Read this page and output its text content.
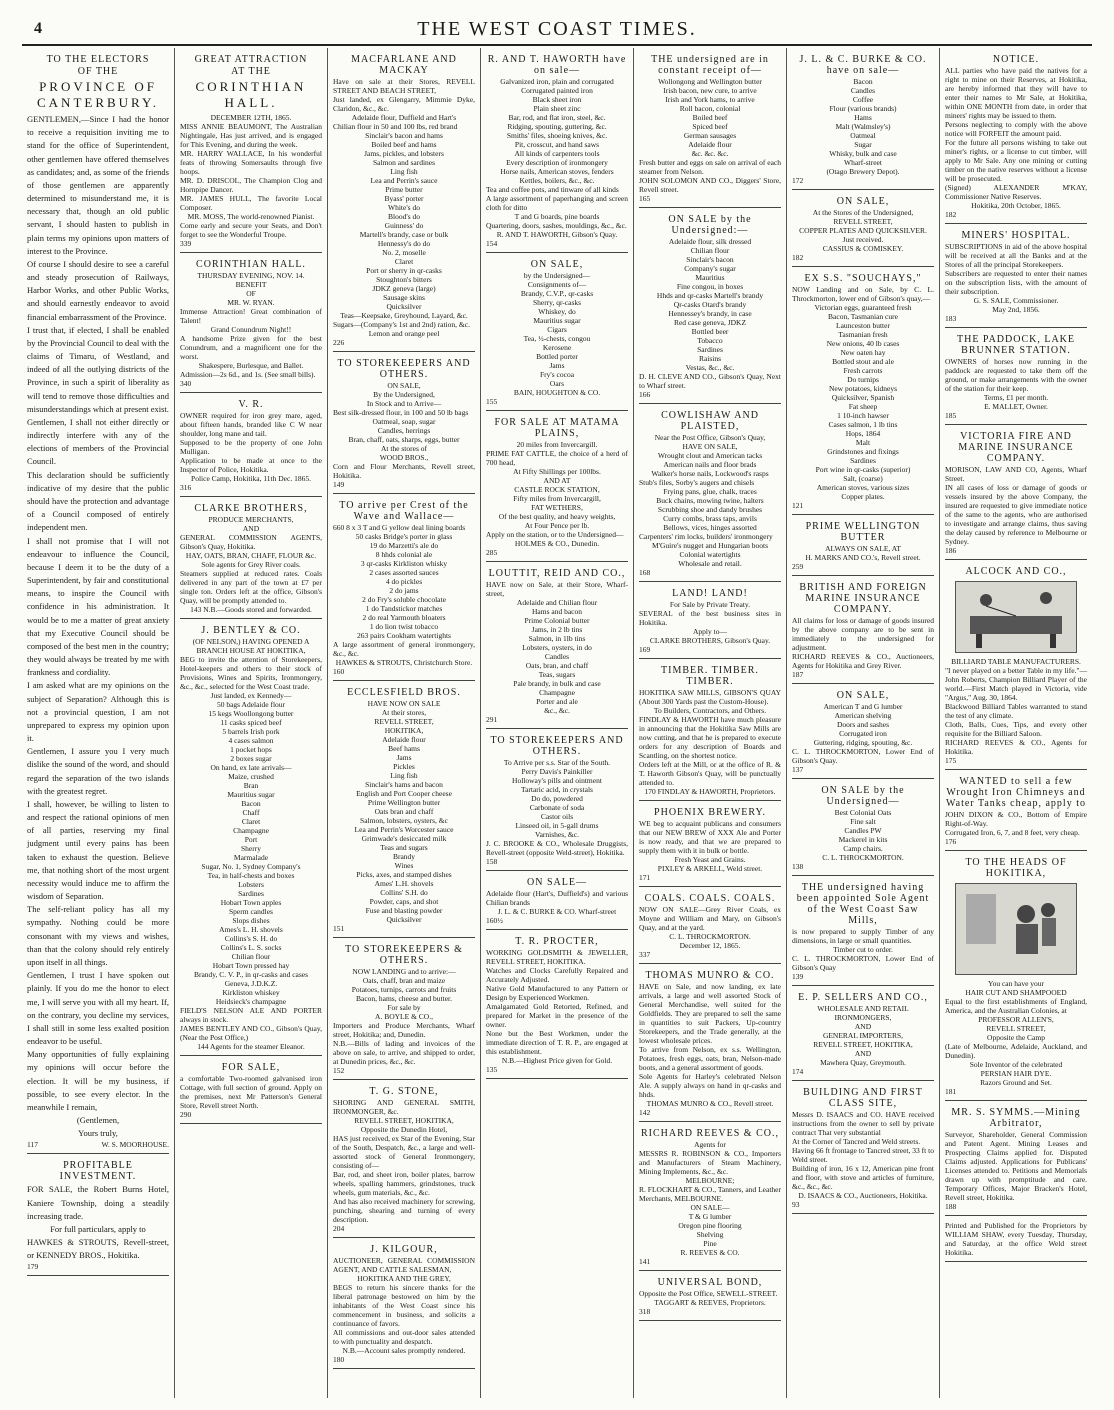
4	THE WEST COAST TIMES.
TO THE ELECTORS
OF THE
PROVINCE OF CANTERBURY.

GENTLEMEN,—Since I had the honor to receive a requisition inviting me to stand for the office of Superintendent, other gentlemen have offered themselves as candidates; and, as some of the friends of those gentlemen are apparently determined to misunderstand me, it is necessary that, though an old public servant, I should hasten to publish in plain terms my opinions upon matters of interest to the Province.

Of course I should desire to see a careful and steady prosecution of Railways, Harbor Works, and other Public Works, and should earnestly endeavor to avoid financial embarrassment of the Province.

I trust that, if elected, I shall be enabled by the Provincial Council to deal with the claims of Timaru, of Westland, and indeed of all the outlying districts of the Province, in such a spirit of liberality as will tend to remove those difficulties and misunderstandings which at present exist.

Gentlemen, I shall not either directly or indirectly interfere with any of the elections of members of the Provincial Council.

This declaration should be sufficiently indicative of my desire that the public should have the protection and advantage of a Council composed of entirely independent men.

I shall not promise that I will not endeavour to influence the Council, because I deem it to be the duty of a Superintendent, by fair and constitutional means, to inspire the Council with confidence in his administration. It would be to me a matter of great anxiety that my Executive Council should be composed of the best men in the country; they would always be treated by me with frankness and cordiality.

I am asked what are my opinions on the subject of Separation? Although this is not a provincial question, I am not unprepared to express my opinion upon it.

Gentlemen, I assure you I very much dislike the sound of the word, and should regard the separation of the two islands with the greatest regret.

I shall, however, be willing to listen to and respect the rational opinions of men of all parties, reserving my final judgment until every pains has been taken to exhaust the question. Believe me, that nothing short of the most urgent necessity would induce me to affirm the wisdom of Separation.

The self-reliant policy has all my sympathy. Nothing could be more consonant with my views and wishes, than that the colony should rely entirely upon itself in all things.

Gentlemen, I trust I have spoken out plainly. If you do me the honor to elect me, I will serve you with all my heart. If, on the contrary, you decline my services, I shall still in some less exalted position endeavor to be useful.

Many opportunities of fully explaining my opinions will occur before the election. It will be my business, if possible, to see every elector. In the meanwhile I remain,

(Gentlemen,

Yours truly,

117	W. S. MOORHOUSE.
PROFITABLE INVESTMENT.

FOR SALE, the Robert Burns Hotel, Kaniere Township, doing a steadily increasing trade.

For full particulars, apply to

HAWKES & STROUTS, Revell-street, or KENNEDY BROS., Hokitika.

179
GREAT ATTRACTION
AT THE
CORINTHIAN HALL.

DECEMBER 12TH, 1865.

MISS ANNIE BEAUMONT, The Australian Nightingale, Has just arrived, and is engaged for This Evening, and during the week.

MR. HARRY WALLACE, In his wonderful feats of throwing Somersaults through five hoops.

MR. D. DRISCOL, The Champion Clog and Hornpipe Dancer.

MR. JAMES HULL, The favorite Local Composer.

MR. MOSS, The world-renowned Pianist.

Come early and secure your Seats, and Don't forget to see the Wonderful Troupe.

339
CORINTHIAN HALL.

THURSDAY EVENING, NOV. 14.

BENEFIT

OF

MR. W. RYAN.

Immense Attraction! Great combination of Talent!

Grand Conundrum Night!!

A handsome Prize given for the best Conundrum, and a magnificent one for the worst.

Shakespere, Burlesque, and Ballet.

Admission—2s 6d., and 1s. (See small bills).

340
V. R.

OWNER required for iron grey mare, aged, about fifteen hands, branded like C W near shoulder, long mane and tail.

Supposed to be the property of one John Mulligan.

Application to be made at once to the Inspector of Police, Hokitika.

Police Camp, Hokitika, 11th Dec. 1865.

316
CLARKE BROTHERS,

PRODUCE MERCHANTS,

AND

GENERAL COMMISSION AGENTS, Gibson's Quay, Hokitika.

HAY, OATS, BRAN, CHAFF, FLOUR &c.

Sole agents for Grey River coals.

Steamers supplied at reduced rates. Coals delivered in any part of the town at £7 per single ton. Orders left at the office, Gibson's Quay, will be promptly attended to.

143 N.B.—Goods stored and forwarded.

J. BENTLEY & CO.

(OF NELSON,) HAVING OPENED A

BRANCH HOUSE AT HOKITIKA,

BEG to invite the attention of Storekeepers, Hotel-keepers and others to their stock of Provisions, Wines and Spirits, Ironmongery, &c., &c., selected for the West Coast trade.

Just landed, ex Kennedy—

50 bags Adelaide flour

15 kegs Woollongong butter

11 casks spiced beef

5 barrels Irish pork

4 cases salmon

1 pocket hops

2 boxes sugar

On hand, ex late arrivals—

Maize, crushed

Bran

Mauritius sugar

Bacon

Chaff

Claret

Champagne

Port

Sherry

Marmalade

Sugar, No. 1, Sydney Company's

Tea, in half-chests and boxes

Lobsters

Sardines

Hobart Town apples

Sperm candles

Slops dishes

Ames's L. H. shovels

Collins's S. H. do

Collins's L. S. socks

Chilian flour

Hobart Town pressed hay

Brandy, C. V. P., in qr-casks and cases

Geneva, J.D.K.Z.

Kirkliston whiskey

Heidsieck's champagne

FIELD'S NELSON ALE AND PORTER always in stock.

JAMES BENTLEY AND CO., Gibson's Quay, (Near the Post Office,)

144 Agents for the steamer Eleanor.

FOR SALE,

a comfortable Two-roomed galvanised iron Cottage, with full section of ground. Apply on the premises, next Mr Patterson's General Store, Revell street North.

290
MACFARLANE AND MACKAY

Have on sale at their Stores, REVELL STREET AND BEACH STREET,

Just landed, ex Glengarry, Mimmie Dyke, Claridon, &c., &c.

Adelaide flour, Duffield and Hart's

Chilian flour in 50 and 100 lbs, red brand

Sinclair's bacon and hams

Boiled beef and hams

Jams, pickles, and lobsters

Salmon and sardines

Ling fish

Lea and Perrin's sauce

Prime butter

Byass' porter

White's do

Blood's do

Guinness' do

Martell's brandy, case or bulk

Hennessy's do do

No. 2, moselle

Claret

Port or sherry in qr-casks

Stoughton's bitters

JDKZ geneva (large)

Sausage skins

Quicksilver

Teas—Keepsake, Greyhound, Layard, &c.

Sugars—(Company's 1st and 2nd) ration, &c.

Lemon and orange peel

226
TO STOREKEEPERS AND OTHERS.

ON SALE,

By the Undersigned,

In Stock and to Arrive—

Best silk-dressed flour, in 100 and 50 lb bags

Oatmeal, soap, sugar

Candles, herrings

Bran, chaff, oats, sharps, eggs, butter

At the stores of

WOOD BROS.,

Corn and Flour Merchants, Revell street, Hokitika.

149
TO arrive per Crest of the Wave and Wallace—

660 8 x 3 T and G yellow deal lining boards

50 casks Bridge's porter in glass

19 do Marzetti's ale do

8 hhds colonial ale

3 qr-casks Kirkliston whisky

2 cases assorted sauces

4 do pickles

2 do jams

2 do Fry's soluble chocolate

1 do Tandstickor matches

2 do real Yarmouth bloaters

1 do lion twist tobacco

263 pairs Cookham watertights

A large assortment of general ironmongery, &c., &c.

HAWKES & STROUTS, Christchurch Store.

160
ECCLESFIELD BROS.

HAVE NOW ON SALE

At their stores,

REVELL STREET,

HOKITIKA,

Adelaide flour

Beef hams

Jams

Pickles

Ling fish

Sinclair's hams and bacon

English and Port Cooper cheese

Prime Wellington butter

Oats bran and chaff

Salmon, lobsters, oysters, &c

Lea and Perrin's Worcester sauce

Grimwade's desiccated milk

Teas and sugars

Brandy

Wines

Picks, axes, and stamped dishes

Ames' L.H. shovels

Collins' S.H. do

Powder, caps, and shot

Fuse and blasting powder

Quicksilver

151
TO STOREKEEPERS & OTHERS.

NOW LANDING and to arrive:—

Oats, chaff, bran and maize

Potatoes, turnips, carrots and fruits

Bacon, hams, cheese and butter.

For sale by

A. BOYLE & CO.,

Importers and Produce Merchants, Wharf street, Hokitika; and, Dunedin.

N.B.—Bills of lading and invoices of the above on sale, to arrive, and shipped to order, at Dunedin prices, &c., &c.

152
T. G. STONE,

SHORING AND GENERAL SMITH, IRONMONGER, &c.

REVELL STREET, HOKITIKA,

Opposite the Dunedin Hotel,

HAS just received, ex Star of the Evening, Star of the South, Despatch, &c., a large and well-assorted stock of General Ironmongery, consisting of—

Bar, rod, and sheet iron, boiler plates, barrow wheels, spalling hammers, grindstones, truck wheels, gum materials, &c., &c.

And has also received machinery for screwing, punching, shearing and turning of every description.

204
J. KILGOUR,

AUCTIONEER, GENERAL COMMISSION AGENT, AND CATTLE SALESMAN,

HOKITIKA AND THE GREY,

BEGS to return his sincere thanks for the liberal patronage bestowed on him by the inhabitants of the West Coast since his commencement in business, and solicits a continuance of favors.

All commissions and out-door sales attended to with punctuality and despatch.

N.B.—Account sales promptly rendered.

180
R. AND T. HAWORTH have on sale—

Galvanized iron, plain and corrugated

Corrugated painted iron

Black sheet iron

Plain sheet zinc

Bar, rod, and flat iron, steel, &c.

Ridging, spouting, guttering, &c.

Smiths' files, shoeing knives, &c.

Pit, crosscut, and hand saws

All kinds of carpenters tools

Every description of ironmongery

Horse nails, American stoves, fenders

Kettles, boilers, &c., &c.

Tea and coffee pots, and tinware of all kinds

A large assortment of paperhanging and screen cloth for ditto

T and G boards, pine boards

Quartering, doors, sashes, mouldings, &c., &c.

R. AND T. HAWORTH, Gibson's Quay.

154
ON SALE,

by the Undersigned—

Consignments of—

Brandy, C.V.P., qr-casks

Sherry, qr-casks

Whiskey, do

Mauritius sugar

Cigars

Tea, ½-chests, congou

Kerosene

Bottled porter

Jams

Fry's cocoa

Oars

BAIN, HOUGHTON & CO.

155
FOR SALE AT MATAMA PLAINS,

20 miles from Invercargill.

PRIME FAT CATTLE, the choice of a herd of 700 head,

At Fifty Shillings per 100lbs.

AND AT

CASTLE ROCK STATION,

Fifty miles from Invercargill,

FAT WETHERS,

Of the best quality, and heavy weights,

At Four Pence per lb.

Apply on the station, or to the Undersigned—

HOLMES & CO., Dunedin.

285
LOUTTIT, REID AND CO.,

HAVE now on Sale, at their Store, Wharf-street,

Adelaide and Chilian flour

Hams and bacon

Prime Colonial butter

Jams, in 2 lb tins

Salmon, in 1lb tins

Lobsters, oysters, in do

Candles

Oats, bran, and chaff

Teas, sugars

Pale brandy, in bulk and case

Champagne

Porter and ale

&c., &c.

291
TO STOREKEEPERS AND OTHERS.

To Arrive per s.s. Star of the South.

Perry Davis's Painkiller

Holloway's pills and ointment

Tartaric acid, in crystals

Do do, powdered

Carbonate of soda

Castor oils

Linseed oil, in 5-gall drums

Varnishes, &c.

J. C. BROOKE & CO., Wholesale Druggists, Revell-street (opposite Weld-street), Hokitika.

158
ON SALE—

Adelaide flour (Hart's, Duffield's) and various Chilian brands

J. L. & C. BURKE & CO. Wharf-street

160½
T. R. PROCTER,

WORKING GOLDSMITH & JEWELLER, REVELL STREET, HOKITIKA.

Watches and Clocks Carefully Repaired and Accurately Adjusted.

Native Gold Manufactured to any Pattern or Design by Experienced Workmen.

Amalgamated Gold Retorted, Refined, and prepared for Market in the presence of the owner.

None but the Best Workmen, under the immediate direction of T. R. P., are engaged at this establishment.

N.B.—Highest Price given for Gold.

135
THE undersigned are in constant receipt of—

Wollongong and Wellington butter

Irish bacon, new cure, to arrive

Irish and York hams, to arrive

Roll bacon, colonial

Boiled beef

Spiced beef

German sausages

Adelaide flour

&c. &c. &c.

Fresh butter and eggs on sale on arrival of each steamer from Nelson.

JOHN SOLOMON AND CO., Diggers' Store, Revell street.

165
ON SALE by the Undersigned:—

Adelaide flour, silk dressed

Chilian flour

Sinclair's bacon

Company's sugar

Mauritius

Fine congou, in boxes

Hhds and qr-casks Martell's brandy

Qr-casks Otard's brandy

Hennessey's brandy, in case

Red case geneva, JDKZ

Bottled beer

Tobacco

Sardines

Raisins

Vestas, &c., &c.

D. H. CLEVE AND CO., Gibson's Quay, Next to Wharf street.

166
COWLISHAW AND PLAISTED,

Near the Post Office, Gibson's Quay,

HAVE ON SALE,

Wrought clout and American tacks

American nails and floor brads

Walker's horse nails, Lockwood's rasps

Stub's files, Sorby's augers and chisels

Frying pans, glue, chalk, traces

Buck chains, mowing twine, halters

Scrubbing shoe and dandy brushes

Curry combs, brass taps, anvils

Bellows, vices, hinges assorted

Carpenters' rim locks, builders' ironmongery

M'Guire's nugget and Hungarian boots

Colonial watertights

Wholesale and retail.

168
LAND! LAND!

For Sale by Private Treaty.

SEVERAL of the best business sites in Hokitika.

Apply to—

CLARKE BROTHERS, Gibson's Quay.

169
TIMBER. TIMBER. TIMBER.

HOKITIKA SAW MILLS, GIBSON'S QUAY (About 300 Yards past the Custom-House).

To Builders, Contractors, and Others.

FINDLAY & HAWORTH have much pleasure in announcing that the Hokitika Saw Mills are now cutting, and that he is prepared to execute orders for any description of Boards and Scantling, on the shortest notice.

Orders left at the Mill, or at the office of R. & T. Haworth Gibson's Quay, will be punctually attended to.

170 FINDLAY & HAWORTH, Proprietors.

PHOENIX BREWERY.

WE beg to acquaint publicans and consumers that our NEW BREW of XXX Ale and Porter is now ready, and that we are prepared to supply them with it in bulk or bottle.

Fresh Yeast and Grains.

PIXLEY & ARKELL, Weld street.

171
COALS. COALS. COALS.

NOW ON SALE—Grey River Coals, ex Moyne and William and Mary, on Gibson's Quay, and at the yard.

C. L. THROCKMORTON.

December 12, 1865.

337
THOMAS MUNRO & CO.

HAVE on Sale, and now landing, ex late arrivals, a large and well assorted Stock of General Merchandise, well suited for the Goldfields. They are prepared to sell the same in quantities to suit Packers, Up-country Storekeepers, and the Trade generally, at the lowest wholesale prices.

To arrive from Nelson, ex s.s. Wellington, Potatoes, fresh eggs, oats, bran, Nelson-made boots, and a general assortment of goods.

Sole Agents for Harley's celebrated Nelson Ale. A supply always on hand in qr-casks and hhds.

THOMAS MUNRO & CO., Revell street.

142
RICHARD REEVES & CO.,

Agents for

MESSRS R. ROBINSON & CO., Importers and Manufacturers of Steam Machinery, Mining Implements, &c., &c.

MELBOURNE;

R. FLOCKHART & CO., Tanners, and Leather Merchants, MELBOURNE.

ON SALE—

T & G lumber

Oregon pine flooring

Shelving

Pine

R. REEVES & CO.

141
UNIVERSAL BOND,

Opposite the Post Office, SEWELL-STREET.

TAGGART & REEVES, Proprietors.

318
J. L. & C. BURKE & CO. have on sale—

Bacon

Candles

Coffee

Flour (various brands)

Hams

Malt (Walmsley's)

Oatmeal

Sugar

Whisky, bulk and case

Wharf-street

(Otago Brewery Depot).

172
ON SALE,

At the Stores of the Undersigned,

REVELL STREET,

COPPER PLATES AND QUICKSILVER.

Just received.

CASSIUS & COMISKEY.

182
EX S.S. "SOUCHAYS,"

NOW Landing and on Sale, by C. L. Throckmorton, lower end of Gibson's quay,—

Victorian eggs, guaranteed fresh

Bacon, Tasmanian cure

Launceston butter

Tasmanian fresh

New onions, 40 lb cases

New oaten hay

Bottled stout and ale

Fresh carrots

Do turnips

New potatoes, kidneys

Quicksilver, Spanish

Fat sheep

1 10-inch hawser

Cases salmon, 1 lb tins

Hops, 1864

Malt

Grindstones and fixings

Sardines

Port wine in qr-casks (superior)

Salt, (coarse)

American stoves, various sizes

Copper plates.

121
PRIME WELLINGTON BUTTER

ALWAYS ON SALE, AT

H. MARKS AND CO.'s, Revell street.

259
BRITISH AND FOREIGN MARINE INSURANCE COMPANY.

All claims for loss or damage of goods insured by the above company are to be sent in immediately to the undersigned for adjustment.

RICHARD REEVES & CO., Auctioneers, Agents for Hokitika and Grey River.

187
ON SALE,

American T and G lumber

American shelving

Doors and sashes

Corrugated iron

Guttering, ridging, spouting, &c.

C. L. THROCKMORTON, Lower End of Gibson's Quay.

137
ON SALE by the Undersigned—

Best Colonial Oats

Fine salt

Candles PW

Mackerel in kits

Camp chairs.

C. L. THROCKMORTON.

138
THE undersigned having been appointed Sole Agent of the West Coast Saw Mills,

is now prepared to supply Timber of any dimensions, in large or small quantities.

Timber cut to order.

C. L. THROCKMORTON, Lower End of Gibson's Quay

139
E. P. SELLERS AND CO.,

WHOLESALE AND RETAIL IRONMONGERS,

AND

GENERAL IMPORTERS,

REVELL STREET, HOKITIKA,

AND

Mawhera Quay, Greymouth.

174
BUILDING AND FIRST CLASS SITE,

Messrs D. ISAACS and CO. HAVE received instructions from the owner to sell by private contract That very substantial

At the Corner of Tancred and Weld streets.

Having 66 ft frontage to Tancred street, 33 ft to Weld street.

Building of iron, 16 x 12, American pine front and floor, with stove and articles of furniture, &c., &c., &c.

D. ISAACS & CO., Auctioneers, Hokitika.

93
NOTICE.

ALL parties who have paid the natives for a right to mine on their Reserves, at Hokitika, are hereby informed that they will have to enter their names to Mr Sale, at Hokitika, within ONE MONTH from date, in order that miners' rights may be issued to them.

Persons neglecting to comply with the above notice will FORFEIT the amount paid.

For the future all persons wishing to take out miner's rights, or a license to cut timber, will apply to Mr Sale. Any one mining or cutting timber on the native reserves without a license will be prosecuted.

(Signed) ALEXANDER M'KAY, Commissioner Native Reserves.

Hokitika, 20th October, 1865.

182
MINERS' HOSPITAL.

SUBSCRIPTIONS in aid of the above hospital will be received at all the Banks and at the Stores of all the principal Storekeepers.

Subscribers are requested to enter their names on the subscription lists, with the amount of their subscription.

G. S. SALE, Commissioner.

May 2nd, 1856.

183
THE PADDOCK, LAKE BRUNNER STATION.

OWNERS of horses now running in the paddock are requested to take them off the ground, or make arrangements with the owner of the station for their keep.

Terms, £1 per month.

E. MALLET, Owner.

185
VICTORIA FIRE AND MARINE INSURANCE COMPANY.

MORISON, LAW AND CO, Agents, Wharf Street.

IN all cases of loss or damage of goods or vessels insured by the above Company, the insured are requested to give immediate notice of the same to the agents, who are authorised to investigate and arrange claims, thus saving the delay caused by reference to Melbourne or Sydney.

186
ALCOCK AND CO.,

BILLIARD TABLE MANUFACTURERS.

"I never played on a better Table in my life."—John Roberts, Champion Billiard Player of the world.—First Match played in Victoria, vide "Argus," Aug. 30, 1864.

Blackwood Billiard Tables warranted to stand the test of any climate.

Cloth, Balls, Cues, Tips, and every other requisite for the Billiard Saloon.

RICHARD REEVES & CO., Agents for Hokitika.

175
WANTED to sell a few Wrought Iron Chimneys and Water Tanks cheap, apply to

JOHN DIXON & CO., Bottom of Empire Right-of-Way.

Corrugated Iron, 6, 7, and 8 feet, very cheap.

176
TO THE HEADS OF HOKITIKA,

You can have your

HAIR CUT AND SHAMPOOED

Equal to the first establishments of England, America, and the Australian Colonies, at

PROFESSOR ALLEN'S,

REVELL STREET,

Opposite the Camp

(Late of Melbourne, Adelaide, Auckland, and Dunedin).

Sole Inventor of the celebrated

PERSIAN HAIR DYE.

Razors Ground and Set.

181
MR. S. SYMMS.—Mining Arbitrator,

Surveyor, Shareholder, General Commission and Patent Agent. Mining Leases and Prospecting Claims applied for. Disputed Claims adjusted. Applications for Publicans' Licenses attended to. Petitions and Memorials drawn up with promptitude and care. Temporary Offices, Major Bracken's Hotel, Revell street, Hokitika.

188

Printed and Published for the Proprietors by WILLIAM SHAW, every Tuesday, Thursday, and Saturday, at the office Weld street Hokitika.
